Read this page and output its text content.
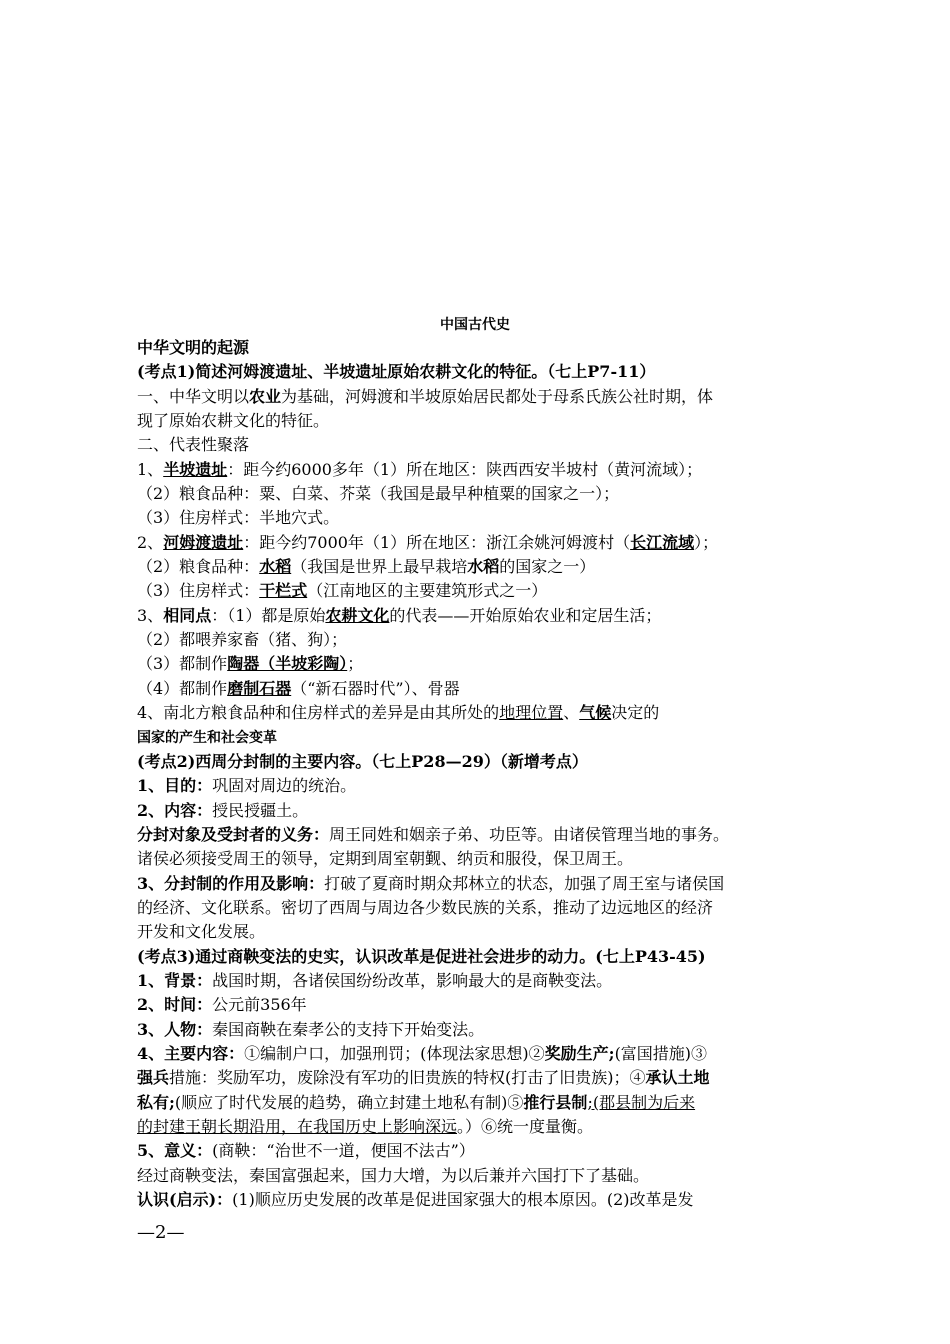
中国古代史
中华文明的起源
(考点1)简述河姆渡遗址、半坡遗址原始农耕文化的特征。（七上P7-11）
一、中华文明以农业为基础，河姆渡和半坡原始居民都处于母系氏族公社时期，体
现了原始农耕文化的特征。
二、代表性聚落
1、半坡遗址：距今约6000多年（1）所在地区：陕西西安半坡村（黄河流域）；
（2）粮食品种：粟、白菜、芥菜（我国是最早种植粟的国家之一）；
（3）住房样式：半地穴式。
2、河姆渡遗址：距今约7000年（1）所在地区：浙江余姚河姆渡村（长江流域）；
（2）粮食品种：水稻（我国是世界上最早栽培水稻的国家之一）
（3）住房样式：干栏式（江南地区的主要建筑形式之一）
3、相同点：（1）都是原始农耕文化的代表——开始原始农业和定居生活；
（2）都喂养家畜（猪、狗）；
（3）都制作陶器（半坡彩陶）；
（4）都制作磨制石器（“新石器时代”）、骨器
4、南北方粮食品种和住房样式的差异是由其所处的地理位置、气候决定的
国家的产生和社会变革
(考点2)西周分封制的主要内容。（七上P28—29）（新增考点）
1、目的：巩固对周边的统治。
2、内容：授民授疆土。
分封对象及受封者的义务：周王同姓和姻亲子弟、功臣等。由诸侯管理当地的事务。
诸侯必须接受周王的领导，定期到周室朝觐、纳贡和服役，保卫周王。
3、分封制的作用及影响：打破了夏商时期众邦林立的状态，加强了周王室与诸侯国
的经济、文化联系。密切了西周与周边各少数民族的关系，推动了边远地区的经济
开发和文化发展。
(考点3)通过商鞅变法的史实，认识改革是促进社会进步的动力。(七上P43-45)
1、背景：战国时期，各诸侯国纷纷改革，影响最大的是商鞅变法。
2、时间：公元前356年
3、人物：秦国商鞅在秦孝公的支持下开始变法。
4、主要内容：①编制户口，加强刑罚；(体现法家思想)②奖励生产;(富国措施)③
强兵措施：奖励军功，废除没有军功的旧贵族的特权(打击了旧贵族)；④承认土地
私有;(顺应了时代发展的趋势，确立封建土地私有制)⑤推行县制;(郡县制为后来
的封建王朝长期沿用，在我国历史上影响深远。）⑥统一度量衡。
5、意义：(商鞅：“治世不一道，便国不法古”）
经过商鞅变法，秦国富强起来，国力大增，为以后兼并六国打下了基础。
认识(启示)：(1)顺应历史发展的改革是促进国家强大的根本原因。(2)改革是发
—2—
